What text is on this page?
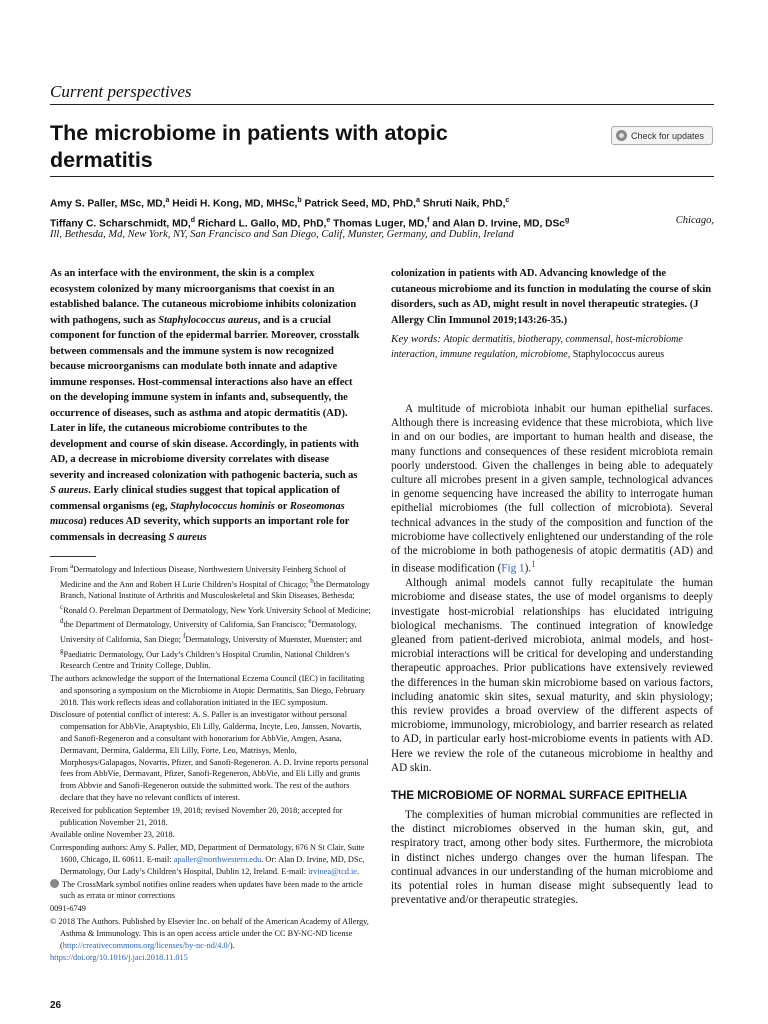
Current perspectives

The microbiome in patients with atopic dermatitis
Check for updates

Amy S. Paller, MSc, MD,$^a$ Heidi H. Kong, MD, MHSc,$^b$ Patrick Seed, MD, PhD,$^a$ Shruti Naik, PhD,$^c$
Tiffany C. Scharschmidt, MD,$^d$ Richard L. Gallo, MD, PhD,$^e$ Thomas Luger, MD,$^f$ and Alan D. Irvine, MD, DSc$^g$	Chicago,

Ill, Bethesda, Md, New York, NY, San Francisco and San Diego, Calif, Munster, Germany, and Dublin, Ireland

As an interface with the environment, the skin is a complex ecosystem colonized by many microorganisms that coexist in an established balance. The cutaneous microbiome inhibits colonization with pathogens, such as Staphylococcus aureus, and is a crucial component for function of the epidermal barrier. Moreover, crosstalk between commensals and the immune system is now recognized because microorganisms can modulate both innate and adaptive immune responses. Host-commensal interactions also have an effect on the developing immune system in infants and, subsequently, the occurrence of diseases, such as asthma and atopic dermatitis (AD). Later in life, the cutaneous microbiome contributes to the development and course of skin disease. Accordingly, in patients with AD, a decrease in microbiome diversity correlates with disease severity and increased colonization with pathogenic bacteria, such as S aureus. Early clinical studies suggest that topical application of commensal organisms (eg, Staphylococcus hominis or Roseomonas mucosa) reduces AD severity, which supports an important role for commensals in decreasing S aureus

colonization in patients with AD. Advancing knowledge of the cutaneous microbiome and its function in modulating the course of skin disorders, such as AD, might result in novel therapeutic strategies. (J Allergy Clin Immunol 2019;143:26-35.)

Key words: Atopic dermatitis, biotherapy, commensal, host-microbiome interaction, immune regulation, microbiome, Staphylococcus aureus

From $^a$Dermatology and Infectious Disease, Northwestern University Feinberg School of Medicine and the Ann and Robert H Lurie Children’s Hospital of Chicago; $^b$the Dermatology Branch, National Institute of Arthritis and Musculoskeletal and Skin Diseases, Bethesda; $^c$Ronald O. Perelman Department of Dermatology, New York University School of Medicine; $^d$the Department of Dermatology, University of California, San Francisco; $^e$Dermatology, University of California, San Diego; $^f$Dermatology, University of Muenster, Muenster; and $^g$Paediatric Dermatology, Our Lady’s Children’s Hospital Crumlin, National Children’s Research Centre and Trinity College, Dublin.

The authors acknowledge the support of the International Eczema Council (IEC) in facilitating and sponsoring a symposium on the Microbiome in Atopic Dermatitis, San Diego, February 2018. This work reflects ideas and collaboration initiated in the IEC symposium.

Disclosure of potential conflict of interest: A. S. Paller is an investigator without personal compensation for AbbVie, Anaptysbio, Eli Lilly, Galderma, Incyte, Leo, Janssen, Novartis, and Sanofi-Regeneron and a consultant with honorarium for AbbVie, Amgen, Asana, Dermavant, Dermira, Galderma, Eli Lilly, Forte, Leo, Matrisys, Menlo, Morphosys/Galapagos, Novartis, Pfizer, and Sanofi-Regeneron. A. D. Irvine reports personal fees from AbbVie, Dermavant, Pfizer, Sanofi-Regeneron, AbbVie, and Eli Lilly and grants from Abbvie and Sanofi-Regeneron outside the submitted work. The rest of the authors declare that they have no relevant conflicts of interest.

Received for publication September 19, 2018; revised November 20, 2018; accepted for publication November 21, 2018.

Available online November 23, 2018.

Corresponding authors: Amy S. Paller, MD, Department of Dermatology, 676 N St Clair, Suite 1600, Chicago, IL 60611. E-mail: apaller@northwestern.edu. Or: Alan D. Irvine, MD, DSc, Dermatology, Our Lady’s Children’s Hospital, Dublin 12, Ireland. E-mail: irvinea@tcd.ie.

The CrossMark symbol notifies online readers when updates have been made to the article such as errata or minor corrections

0091-6749

© 2018 The Authors. Published by Elsevier Inc. on behalf of the American Academy of Allergy, Asthma & Immunology. This is an open access article under the CC BY-NC-ND license (http://creativecommons.org/licenses/by-nc-nd/4.0/).

https://doi.org/10.1016/j.jaci.2018.11.015

A multitude of microbiota inhabit our human epithelial surfaces. Although there is increasing evidence that these microbiota, which live in and on our bodies, are important to human health and disease, the many functions and consequences of these resident microbiota remain poorly understood. Given the challenges in being able to adequately culture all microbes present in a given sample, technological advances in genome sequencing have increased the ability to interrogate human epithelial microbiomes (the full collection of microbiota). Several technical advances in the study of the composition and function of the microbiome have collectively enlightened our understanding of the role of the microbiome in both pathogenesis of atopic dermatitis (AD) and in disease modification (Fig 1).$^1$

Although animal models cannot fully recapitulate the human microbiome and disease states, the use of model organisms to deeply investigate host-microbial relationships has elucidated intriguing biological mechanisms. The continued integration of knowledge gleaned from patient-derived microbiota, animal models, and host-microbial interactions will be critical for developing and understanding therapeutic approaches. Prior publications have extensively reviewed the differences in the human skin microbiome based on various factors, including anatomic skin sites, sexual maturity, and skin physiology; this review provides a broad overview of the different aspects of microbiome, immunology, microbiology, and barrier research as related to AD, in particular early host-microbiome events in patients with AD. Here we review the role of the cutaneous microbiome in healthy and AD skin.

THE MICROBIOME OF NORMAL SURFACE EPITHELIA

The complexities of human microbial communities are reflected in the distinct microbiomes observed in the human skin, gut, and respiratory tract, among other body sites. Furthermore, the microbiota in distinct niches undergo changes over the human lifespan. The continual advances in our understanding of the human microbiome and its potential roles in human disease might subsequently lead to preventative and/or therapeutic strategies.

26
